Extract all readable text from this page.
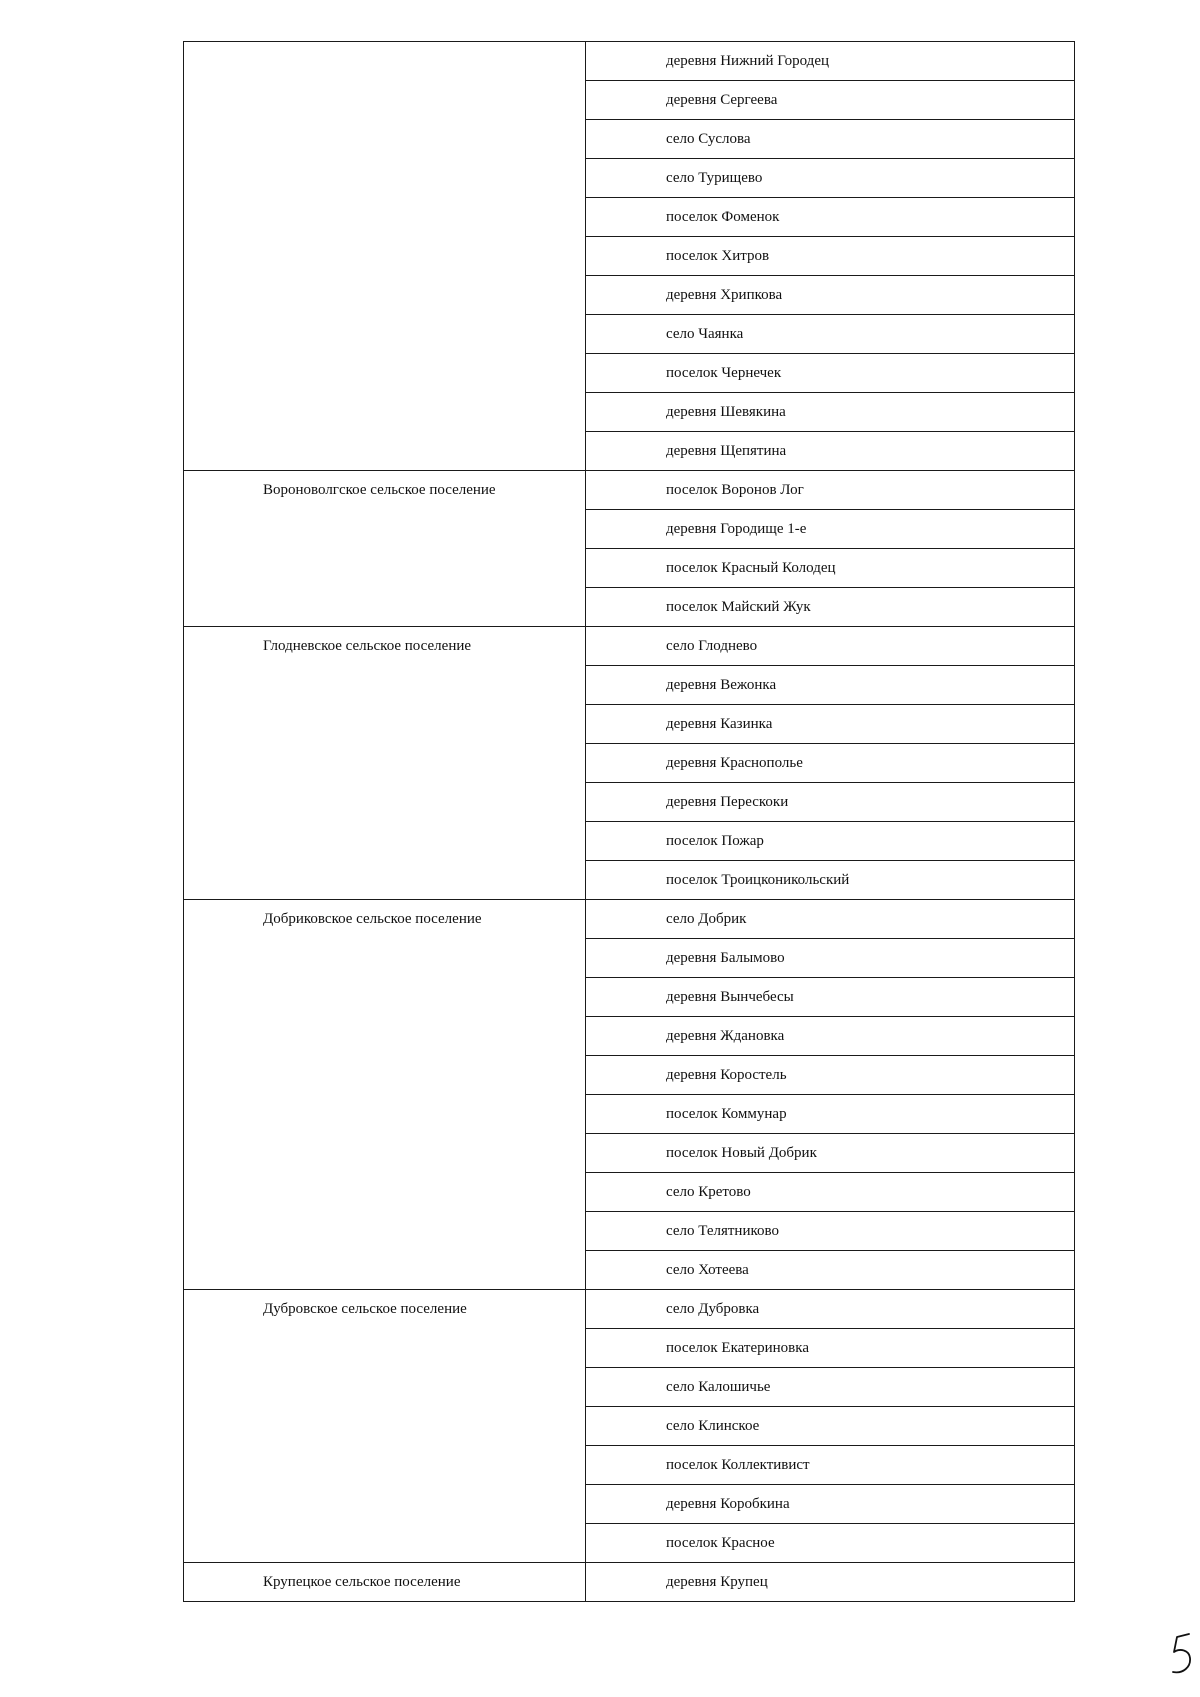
	деревня Нижний Городец
	деревня Сергеева
	село Суслова
	село Турищево
	поселок Фоменок
	поселок Хитров
	деревня Хрипкова
	село Чаянка
	поселок Чернечек
	деревня Шевякина
	деревня Щепятина
Вороноволгское сельское поселение	поселок Воронов Лог
	деревня Городище 1-е
	поселок Красный Колодец
	поселок Майский Жук
Глодневское сельское поселение	село Глоднево
	деревня Вежонка
	деревня Казинка
	деревня Краснополье
	деревня Перескоки
	поселок Пожар
	поселок Троицконикольский
Добриковское сельское поселение	село Добрик
	деревня Балымово
	деревня Вынчебесы
	деревня Ждановка
	деревня Коростель
	поселок Коммунар
	поселок Новый Добрик
	село Кретово
	село Телятниково
	село Хотеева
Дубровское сельское поселение	село Дубровка
	поселок Екатериновка
	село Калошичье
	село Клинское
	поселок Коллективист
	деревня Коробкина
	поселок Красное
Крупецкое сельское поселение	деревня Крупец
